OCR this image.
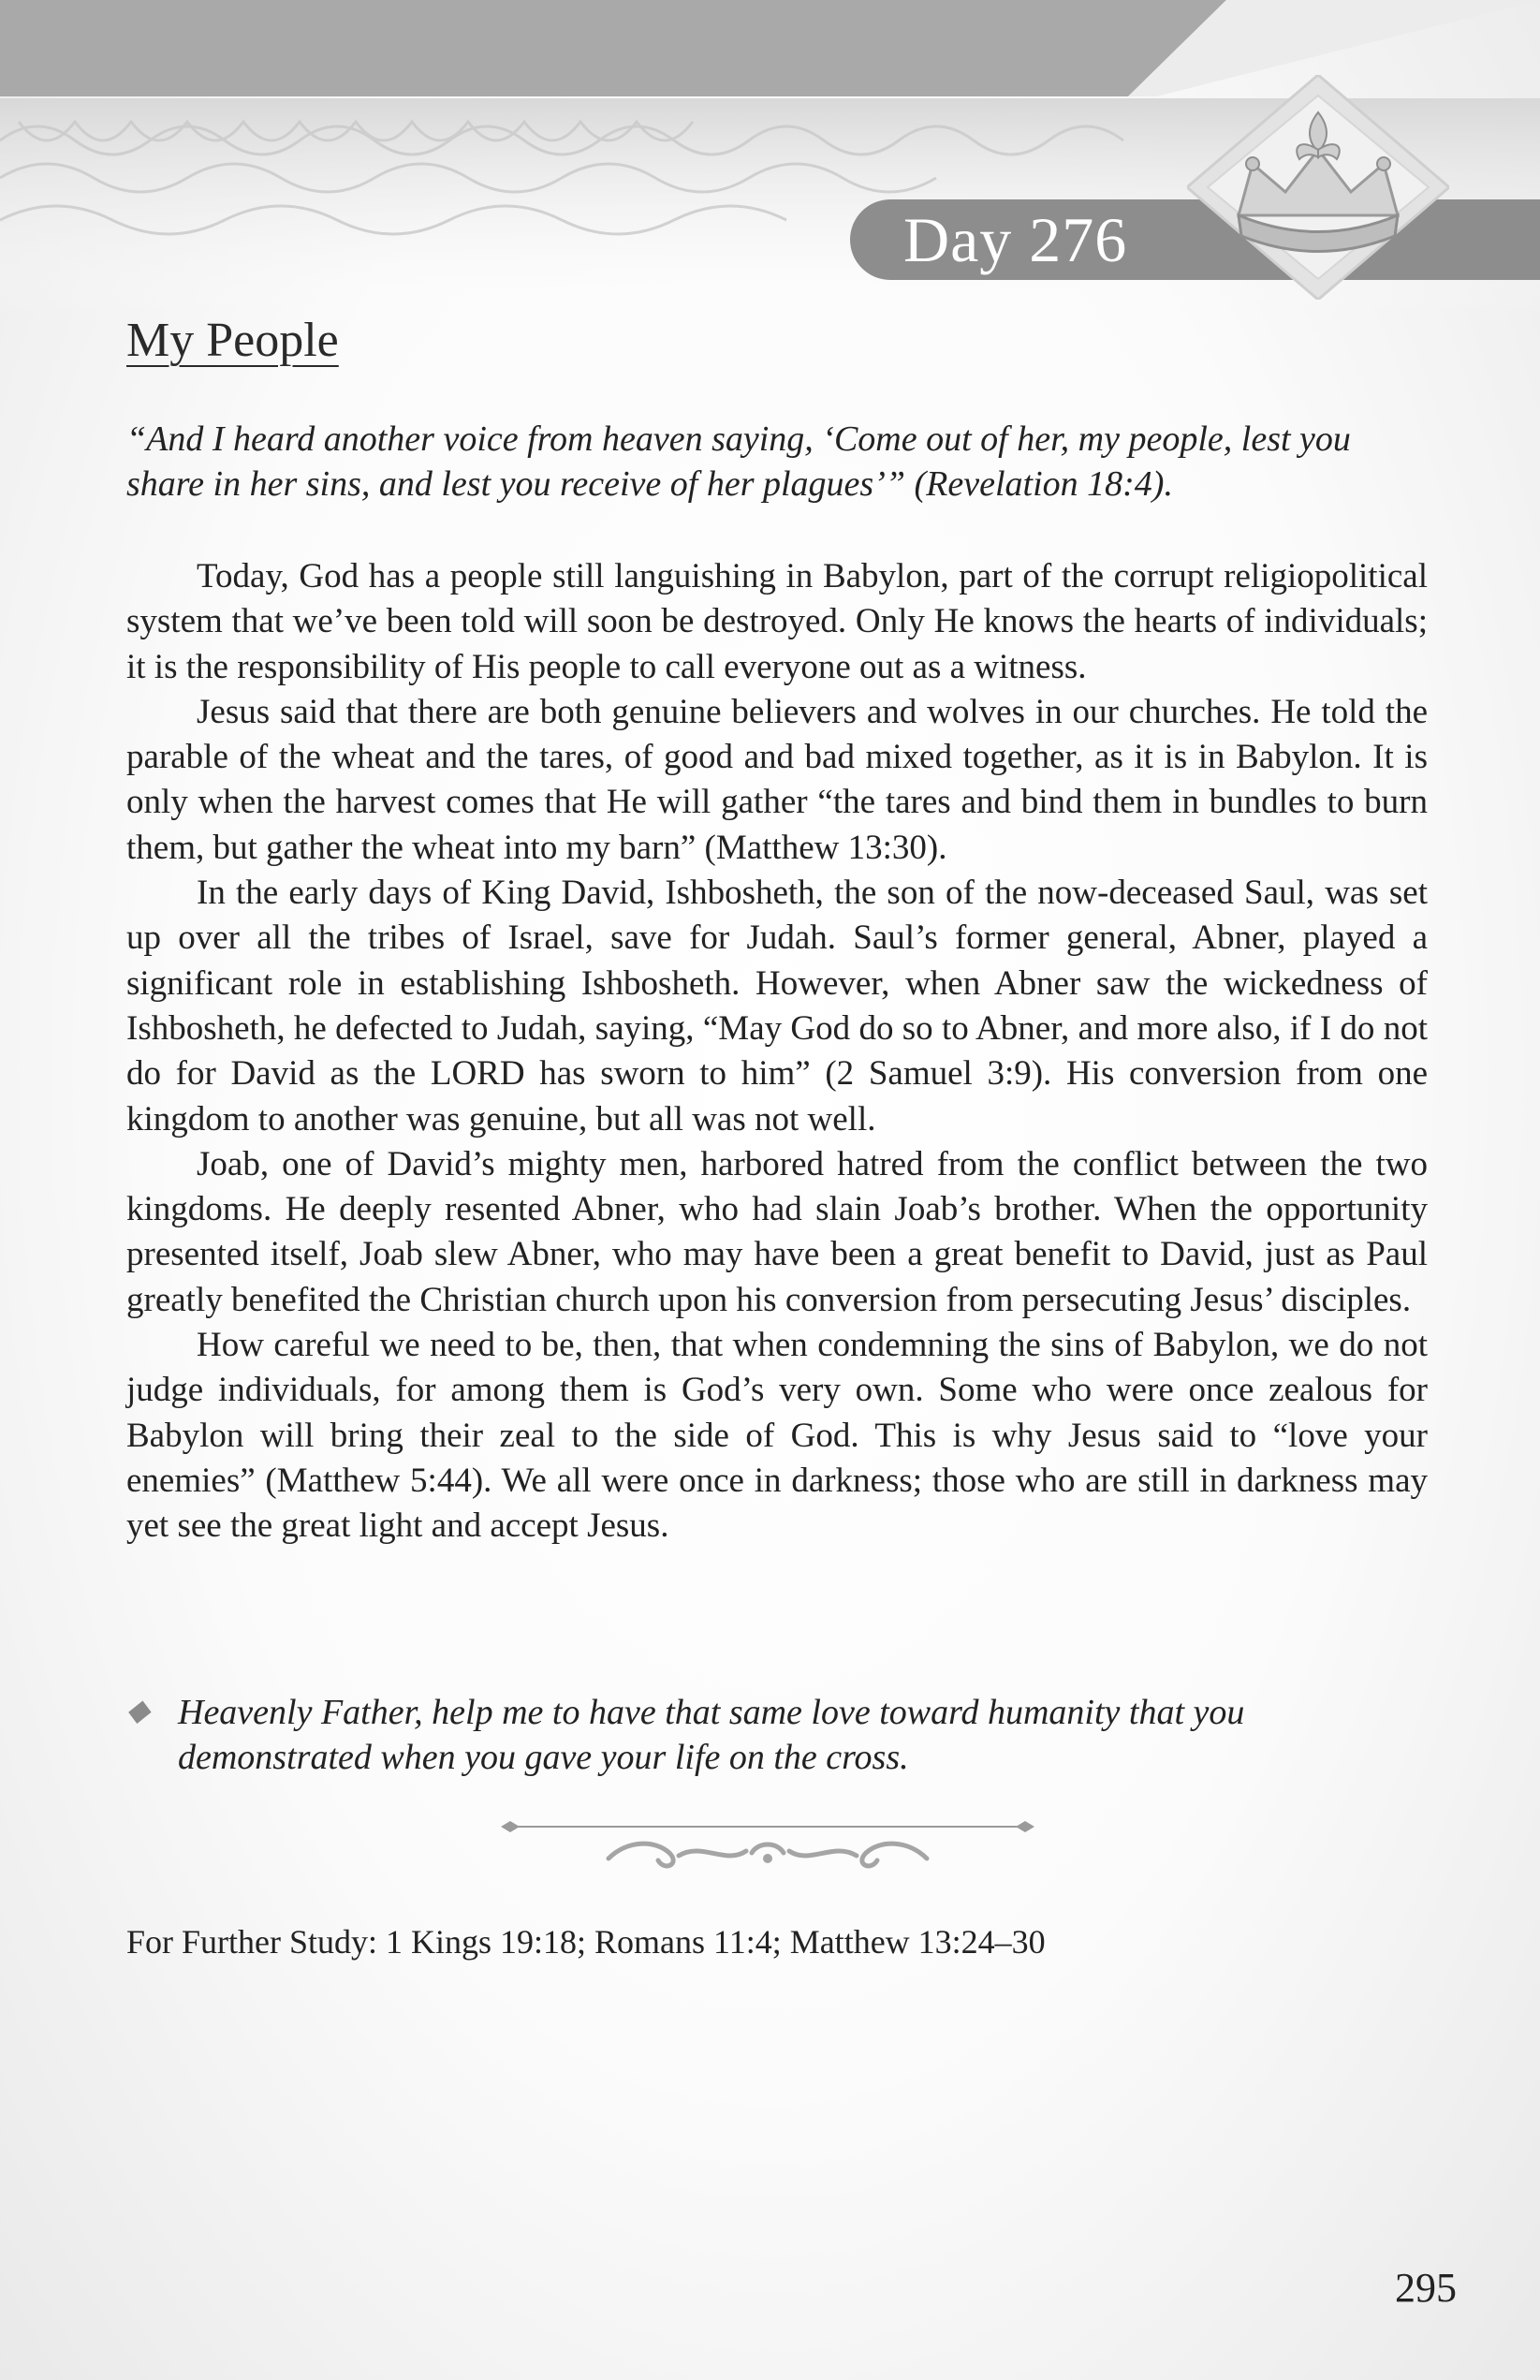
Day 276
My People
“And I heard another voice from heaven saying, ‘Come out of her, my people, lest you share in her sins, and lest you receive of her plagues’” (Revelation 18:4).

Today, God has a people still languishing in Babylon, part of the corrupt religiopolitical system that we’ve been told will soon be destroyed. Only He knows the hearts of individuals; it is the responsibility of His people to call everyone out as a witness.

Jesus said that there are both genuine believers and wolves in our churches. He told the parable of the wheat and the tares, of good and bad mixed together, as it is in Babylon. It is only when the harvest comes that He will gather “the tares and bind them in bundles to burn them, but gather the wheat into my barn” (Matthew 13:30).

In the early days of King David, Ishbosheth, the son of the now-deceased Saul, was set up over all the tribes of Israel, save for Judah. Saul’s former general, Abner, played a significant role in establishing Ishbosheth. However, when Abner saw the wickedness of Ishbosheth, he defected to Judah, saying, “May God do so to Abner, and more also, if I do not do for David as the LORD has sworn to him” (2 Samuel 3:9). His conversion from one kingdom to another was genuine, but all was not well.

Joab, one of David’s mighty men, harbored hatred from the conflict between the two kingdoms. He deeply resented Abner, who had slain Joab’s brother. When the opportunity presented itself, Joab slew Abner, who may have been a great benefit to David, just as Paul greatly benefited the Christian church upon his conversion from persecuting Jesus’ disciples.

How careful we need to be, then, that when condemning the sins of Babylon, we do not judge individuals, for among them is God’s very own. Some who were once zealous for Babylon will bring their zeal to the side of God. This is why Jesus said to “love your enemies” (Matthew 5:44). We all were once in darkness; those who are still in darkness may yet see the great light and accept Jesus.

◆ Heavenly Father, help me to have that same love toward humanity that you demonstrated when you gave your life on the cross.
For Further Study: 1 Kings 19:18; Romans 11:4; Matthew 13:24–30
295
